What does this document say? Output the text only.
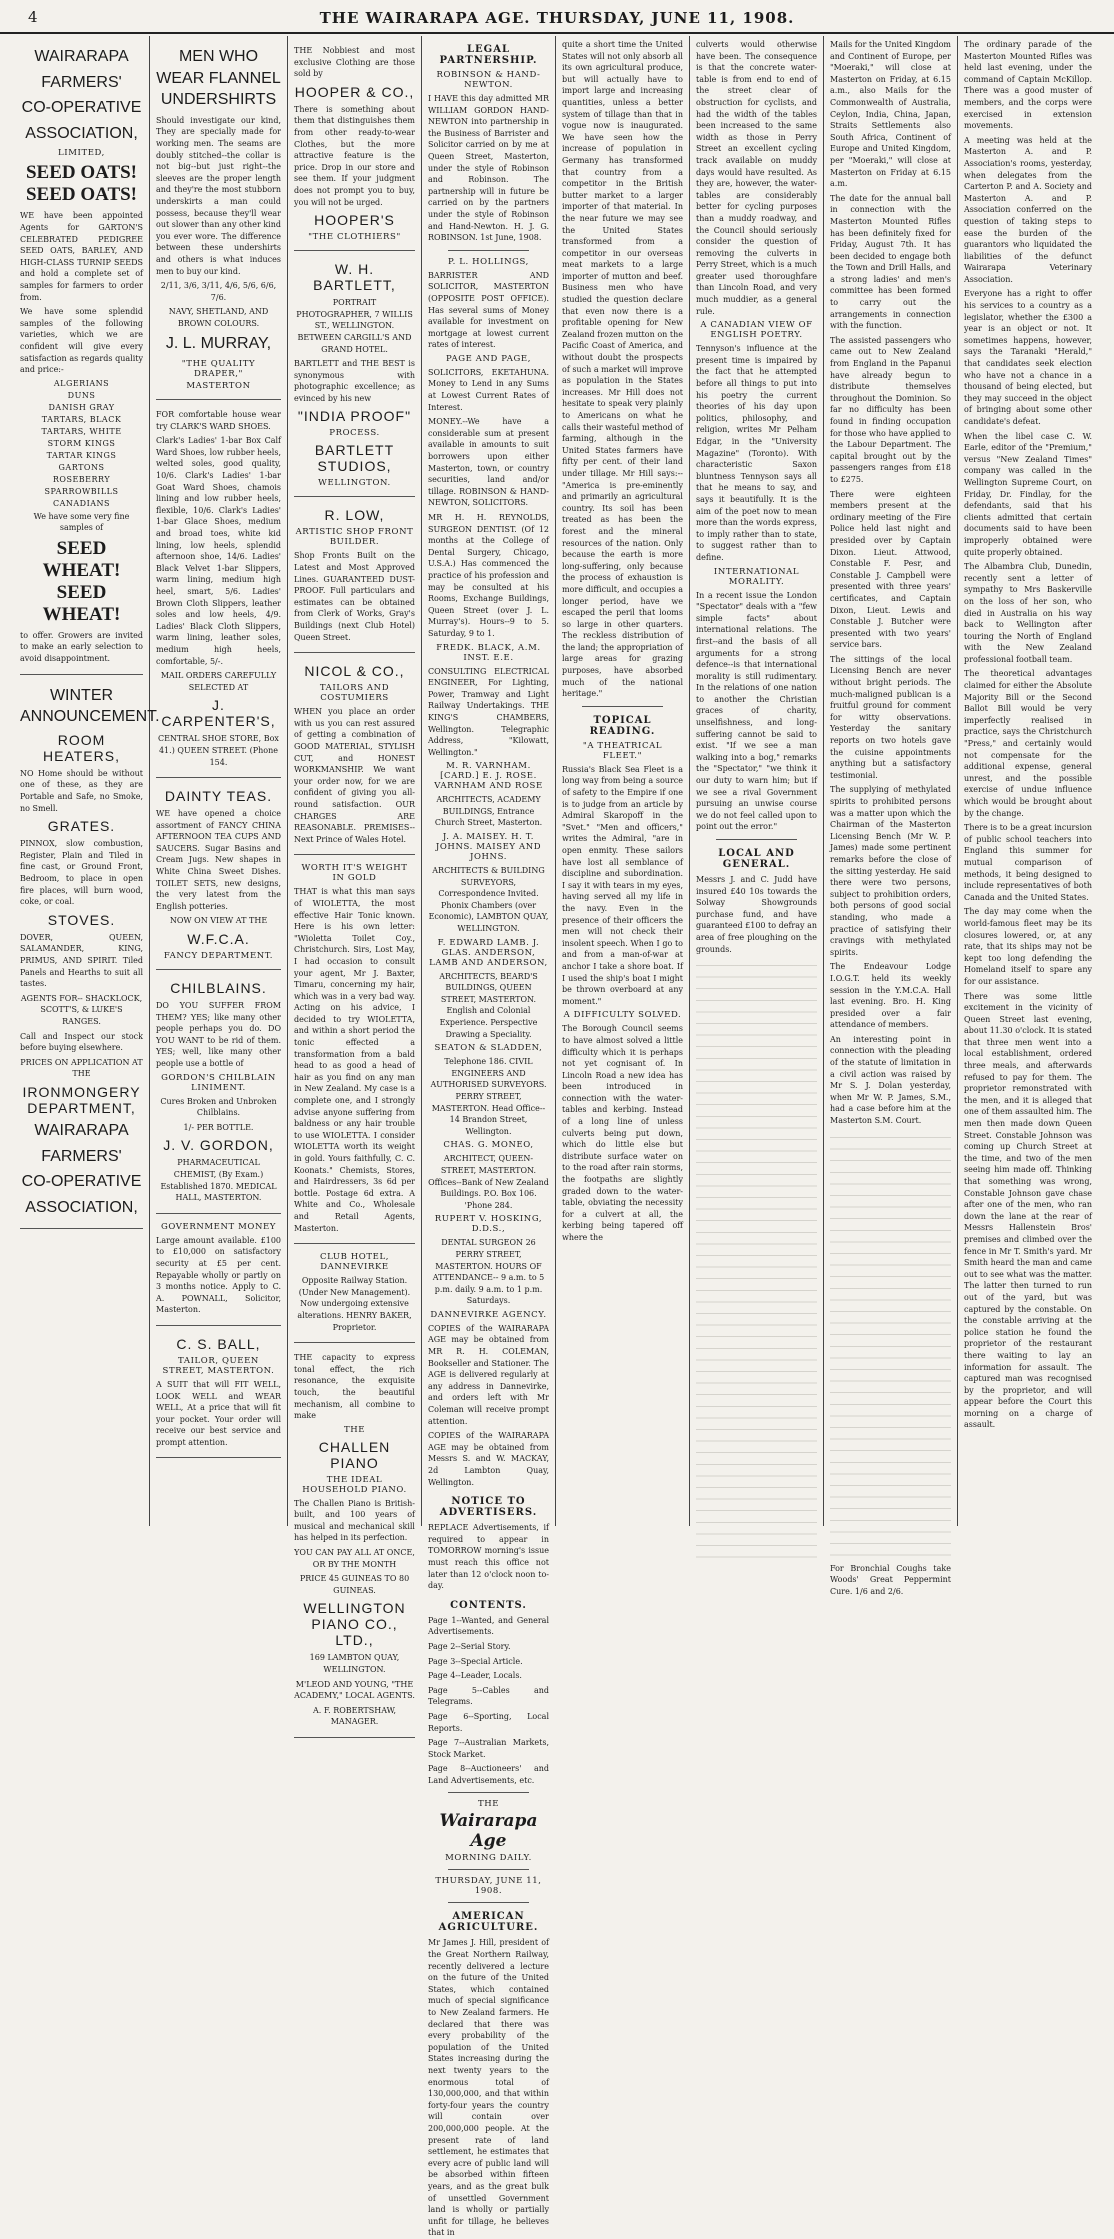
4	THE WAIRARAPA AGE. THURSDAY, JUNE 11, 1908.
WAIRARAPA
FARMERS'
CO-OPERATIVE
ASSOCIATION,
LIMITED,
SEED OATS! SEED OATS!

WE have been appointed Agents for GARTON'S CELEBRATED PEDIGREE SEED OATS, BARLEY, AND HIGH-CLASS TURNIP SEEDS and hold a complete set of samples for farmers to order from.

We have some splendid samples of the following varieties, which we are confident will give every satisfaction as regards quality and price:-

ALGERIANS
DUNS
DANISH GRAY
TARTARS, BLACK
TARTARS, WHITE
STORM KINGS
TARTAR KINGS
GARTONS
ROSEBERRY
SPARROWBILLS
CANADIANS

We have some very fine samples of

SEED WHEAT! SEED WHEAT!

to offer. Growers are invited to make an early selection to avoid disappointment.

WINTER ANNOUNCEMENT.
ROOM HEATERS,

NO Home should be without one of these, as they are Portable and Safe, no Smoke, no Smell.

GRATES.

PINNOX, slow combustion, Register, Plain and Tiled in fine cast, or Ground Front, Bedroom, to place in open fire places, will burn wood, coke, or coal.

STOVES.

DOVER, QUEEN, SALAMANDER, KING, PRIMUS, AND SPIRIT. Tiled Panels and Hearths to suit all tastes.

AGENTS FOR-- SHACKLOCK, SCOTT'S, & LUKE'S RANGES.

Call and Inspect our stock before buying elsewhere.

PRICES ON APPLICATION AT THE

IRONMONGERY DEPARTMENT,
WAIRARAPA
FARMERS'
CO-OPERATIVE
ASSOCIATION,
MEN WHO WEAR FLANNEL UNDERSHIRTS

Should investigate our kind, They are specially made for working men. The seams are doubly stitched--the collar is not big--but just right--the sleeves are the proper length and they're the most stubborn underskirts a man could possess, because they'll wear out slower than any other kind you ever wore. The difference between these undershirts and others is what induces men to buy our kind.

2/11, 3/6, 3/11, 4/6, 5/6, 6/6, 7/6.

NAVY, SHETLAND, AND BROWN COLOURS.

J. L. MURRAY,
"THE QUALITY DRAPER,"
MASTERTON

FOR comfortable house wear try CLARK'S WARD SHOES.

Clark's Ladies' 1-bar Box Calf Ward Shoes, low rubber heels, welted soles, good quality, 10/6. Clark's Ladies' 1-bar Goat Ward Shoes, chamois lining and low rubber heels, flexible, 10/6. Clark's Ladies' 1-bar Glace Shoes, medium and broad toes, white kid lining, low heels, splendid afternoon shoe, 14/6. Ladies' Black Velvet 1-bar Slippers, warm lining, medium high heel, smart, 5/6. Ladies' Brown Cloth Slippers, leather soles and low heels, 4/9. Ladies' Black Cloth Slippers, warm lining, leather soles, medium high heels, comfortable, 5/-.

MAIL ORDERS CAREFULLY SELECTED AT

J. CARPENTER'S,

CENTRAL SHOE STORE, Box 41.) QUEEN STREET. (Phone 154.

DAINTY TEAS.

WE have opened a choice assortment of FANCY CHINA AFTERNOON TEA CUPS AND SAUCERS. Sugar Basins and Cream Jugs. New shapes in White China Sweet Dishes. TOILET SETS, new designs, the very latest from the English potteries.

NOW ON VIEW AT THE

W.F.C.A.
FANCY DEPARTMENT.
CHILBLAINS.

DO YOU SUFFER FROM THEM? YES; like many other people perhaps you do. DO YOU WANT to be rid of them. YES; well, like many other people use a bottle of

GORDON'S CHILBLAIN LINIMENT.

Cures Broken and Unbroken Chilblains.

1/- PER BOTTLE.

J. V. GORDON,

PHARMACEUTICAL CHEMIST, (By Exam.) Established 1870. MEDICAL HALL, MASTERTON.

GOVERNMENT MONEY

Large amount available. £100 to £10,000 on satisfactory security at £5 per cent. Repayable wholly or partly on 3 months notice. Apply to C. A. POWNALL, Solicitor, Masterton.

C. S. BALL,
TAILOR, QUEEN STREET, MASTERTON.

A SUIT that will FIT WELL, LOOK WELL and WEAR WELL, At a price that will fit your pocket. Your order will receive our best service and prompt attention.

THE Nobbiest and most exclusive Clothing are those sold by

HOOPER & CO.,

There is something about them that distinguishes them from other ready-to-wear Clothes, but the more attractive feature is the price. Drop in our store and see them. If your judgment does not prompt you to buy, you will not be urged.

HOOPER'S
"THE CLOTHIERS"
W. H. BARTLETT,

PORTRAIT PHOTOGRAPHER, 7 WILLIS ST., WELLINGTON. BETWEEN CARGILL'S AND GRAND HOTEL.

BARTLETT and THE BEST is synonymous with photographic excellence; as evinced by his new

"INDIA PROOF"
PROCESS.
BARTLETT STUDIOS,
WELLINGTON.
R. LOW,
ARTISTIC SHOP FRONT BUILDER.

Shop Fronts Built on the Latest and Most Approved Lines. GUARANTEED DUST-PROOF. Full particulars and estimates can be obtained from Clerk of Works, Gray's Buildings (next Club Hotel) Queen Street.

NICOL & CO.,
TAILORS AND COSTUMIERS

WHEN you place an order with us you can rest assured of getting a combination of GOOD MATERIAL, STYLISH CUT, and HONEST WORKMANSHIP. We want your order now, for we are confident of giving you all-round satisfaction. OUR CHARGES ARE REASONABLE. PREMISES--Next Prince of Wales Hotel.

WORTH IT'S WEIGHT IN GOLD

THAT is what this man says of WIOLETTA, the most effective Hair Tonic known. Here is his own letter: "Wioletta Toilet Coy., Christchurch. Sirs, Lost May, I had occasion to consult your agent, Mr J. Baxter, Timaru, concerning my hair, which was in a very bad way. Acting on his advice, I decided to try WIOLETTA, and within a short period the tonic effected a transformation from a bald head to as good a head of hair as you find on any man in New Zealand. My case is a complete one, and I strongly advise anyone suffering from baldness or any hair trouble to use WIOLETTA. I consider WIOLETTA worth its weight in gold. Yours faithfully, C. C. Koonats." Chemists, Stores, and Hairdressers, 3s 6d per bottle. Postage 6d extra. A White and Co., Wholesale and Retail Agents, Masterton.

CLUB HOTEL, DANNEVIRKE

Opposite Railway Station. (Under New Management). Now undergoing extensive alterations. HENRY BAKER, Proprietor.

THE capacity to express tonal effect, the rich resonance, the exquisite touch, the beautiful mechanism, all combine to make

THE
CHALLEN PIANO
THE IDEAL HOUSEHOLD PIANO.

The Challen Piano is British-built, and 100 years of musical and mechanical skill has helped in its perfection.

YOU CAN PAY ALL AT ONCE, OR BY THE MONTH

PRICE 45 GUINEAS TO 80 GUINEAS.

WELLINGTON PIANO CO., LTD.,

169 LAMBTON QUAY, WELLINGTON.

M'LEOD AND YOUNG, "THE ACADEMY," LOCAL AGENTS.

A. F. ROBERTSHAW, MANAGER.

LEGAL PARTNERSHIP.
ROBINSON & HAND-NEWTON.

I HAVE this day admitted MR WILLIAM GORDON HAND-NEWTON into partnership in the Business of Barrister and Solicitor carried on by me at Queen Street, Masterton, under the style of Robinson and Robinson. The partnership will in future be carried on by the partners under the style of Robinson and Hand-Newton. H. J. G. ROBINSON. 1st June, 1908.

P. L. HOLLINGS,

BARRISTER AND SOLICITOR, MASTERTON (OPPOSITE POST OFFICE). Has several sums of Money available for investment on mortgage at lowest current rates of interest.

PAGE AND PAGE,

SOLICITORS, EKETAHUNA. Money to Lend in any Sums at Lowest Current Rates of Interest.

MONEY.--We have a considerable sum at present available in amounts to suit borrowers upon either Masterton, town, or country securities, land and/or tillage. ROBINSON & HAND-NEWTON, SOLICITORS.

MR H. H. REYNOLDS, SURGEON DENTIST. (Of 12 months at the College of Dental Surgery, Chicago, U.S.A.) Has commenced the practice of his profession and may be consulted at his Rooms, Exchange Buildings, Queen Street (over J. L. Murray's). Hours--9 to 5. Saturday, 9 to 1.

FREDK. BLACK, A.M. INST. E.E.

CONSULTING ELECTRICAL ENGINEER, For Lighting, Power, Tramway and Light Railway Undertakings. THE KING'S CHAMBERS, Wellington. Telegraphic Address, "Kilowatt, Wellington."

M. R. VARNHAM. [CARD.] E. J. ROSE. VARNHAM AND ROSE

ARCHITECTS, ACADEMY BUILDINGS, Entrance Church Street, Masterton.

J. A. MAISEY. H. T. JOHNS. MAISEY AND JOHNS.

ARCHITECTS & BUILDING SURVEYORS, Correspondence Invited. Phonix Chambers (over Economic), LAMBTON QUAY, WELLINGTON.

F. EDWARD LAMB. J. GLAS. ANDERSON, LAMB AND ANDERSON,

ARCHITECTS, BEARD'S BUILDINGS, QUEEN STREET, MASTERTON. English and Colonial Experience. Perspective Drawing a Speciality.

SEATON & SLADDEN,

Telephone 186. CIVIL ENGINEERS AND AUTHORISED SURVEYORS. PERRY STREET, MASTERTON. Head Office-- 14 Brandon Street, Wellington.

CHAS. G. MONEO,

ARCHITECT, QUEEN-STREET, MASTERTON. Offices--Bank of New Zealand Buildings. P.O. Box 106. 'Phone 284.

RUPERT V. HOSKING, D.D.S.,

DENTAL SURGEON 26 PERRY STREET, MASTERTON. HOURS OF ATTENDANCE-- 9 a.m. to 5 p.m. daily. 9 a.m. to 1 p.m. Saturdays.

DANNEVIRKE AGENCY.

COPIES of the WAIRARAPA AGE may be obtained from MR R. H. COLEMAN, Bookseller and Stationer. The AGE is delivered regularly at any address in Dannevirke, and orders left with Mr Coleman will receive prompt attention.

COPIES of the WAIRARAPA AGE may be obtained from Messrs S. and W. MACKAY, 2d Lambton Quay, Wellington.

NOTICE TO ADVERTISERS.

REPLACE Advertisements, if required to appear in TOMORROW morning's issue must reach this office not later than 12 o'clock noon to-day.

CONTENTS.
Page 1--Wanted, and General Advertisements.
Page 2--Serial Story.
Page 3--Special Article.
Page 4--Leader, Locals.
Page 5--Cables and Telegrams.
Page 6--Sporting, Local Reports.
Page 7--Australian Markets, Stock Market.
Page 8--Auctioneers' and Land Advertisements, etc.
THE
Wairarapa Age
MORNING DAILY.
THURSDAY, JUNE 11, 1908.
AMERICAN AGRICULTURE.

Mr James J. Hill, president of the Great Northern Railway, recently delivered a lecture on the future of the United States, which contained much of special significance to New Zealand farmers. He declared that there was every probability of the population of the United States increasing during the next twenty years to the enormous total of 130,000,000, and that within forty-four years the country will contain over 200,000,000 people. At the present rate of land settlement, he estimates that every acre of public land will be absorbed within fifteen years, and as the great bulk of unsettled Government land is wholly or partially unfit for tillage, he believes that in

quite a short time the United States will not only absorb all its own agricultural produce, but will actually have to import large and increasing quantities, unless a better system of tillage than that in vogue now is inaugurated. We have seen how the increase of population in Germany has transformed that country from a competitor in the British butter market to a larger importer of that material. In the near future we may see the United States transformed from a competitor in our overseas meat markets to a large importer of mutton and beef. Business men who have studied the question declare that even now there is a profitable opening for New Zealand frozen mutton on the Pacific Coast of America, and without doubt the prospects of such a market will improve as population in the States increases. Mr Hill does not hesitate to speak very plainly to Americans on what he calls their wasteful method of farming, although in the United States farmers have fifty per cent. of their land under tillage. Mr Hill says:--"America is pre-eminently and primarily an agricultural country. Its soil has been treated as has been the forest and the mineral resources of the nation. Only because the earth is more long-suffering, only because the process of exhaustion is more difficult, and occupies a longer period, have we escaped the peril that looms so large in other quarters. The reckless distribution of the land; the appropriation of large areas for grazing purposes, have absorbed much of the national heritage."

TOPICAL READING.
"A THEATRICAL FLEET."

Russia's Black Sea Fleet is a long way from being a source of safety to the Empire if one is to judge from an article by Admiral Skaropoff in the "Svet." "Men and officers," writes the Admiral, "are in open enmity. These sailors have lost all semblance of discipline and subordination. I say it with tears in my eyes, having served all my life in the navy. Even in the presence of their officers the men will not check their insolent speech. When I go to and from a man-of-war at anchor I take a shore boat. If I used the ship's boat I might be thrown overboard at any moment."

A DIFFICULTY SOLVED.

The Borough Council seems to have almost solved a little difficulty which it is perhaps not yet cognisant of. In Lincoln Road a new idea has been introduced in connection with the water-tables and kerbing. Instead of a long line of unless culverts being put down, which do little else but distribute surface water on to the road after rain storms, the footpaths are slightly graded down to the water-table, obviating the necessity for a culvert at all, the kerbing being tapered off where the

culverts would otherwise have been. The consequence is that the concrete water-table is from end to end of the street clear of obstruction for cyclists, and had the width of the tables been increased to the same width as those in Perry Street an excellent cycling track available on muddy days would have resulted. As they are, however, the water-tables are considerably better for cycling purposes than a muddy roadway, and the Council should seriously consider the question of removing the culverts in Perry Street, which is a much greater used thoroughfare than Lincoln Road, and very much muddier, as a general rule.

A CANADIAN VIEW OF ENGLISH POETRY.

Tennyson's influence at the present time is impaired by the fact that he attempted before all things to put into his poetry the current theories of his day upon politics, philosophy, and religion, writes Mr Pelham Edgar, in the "University Magazine" (Toronto). With characteristic Saxon bluntness Tennyson says all that he means to say, and says it beautifully. It is the aim of the poet now to mean more than the words express, to imply rather than to state, to suggest rather than to define.

INTERNATIONAL MORALITY.

In a recent issue the London "Spectator" deals with a "few simple facts" about international relations. The first--and the basis of all arguments for a strong defence--is that international morality is still rudimentary. In the relations of one nation to another the Christian graces of charity, unselfishness, and long-suffering cannot be said to exist. "If we see a man walking into a bog," remarks the "Spectator," "we think it our duty to warn him; but if we see a rival Government pursuing an unwise course we do not feel called upon to point out the error."

LOCAL AND GENERAL.

Messrs J. and C. Judd have insured £40 10s towards the Solway Showgrounds purchase fund, and have guaranteed £100 to defray an area of free ploughing on the grounds.

Mails for the United Kingdom and Continent of Europe, per "Moeraki," will close at Masterton on Friday, at 6.15 a.m., also Mails for the Commonwealth of Australia, Ceylon, India, China, Japan, Straits Settlements also South Africa, Continent of Europe and United Kingdom, per "Moeraki," will close at Masterton on Friday at 6.15 a.m.

The date for the annual ball in connection with the Masterton Mounted Rifles has been definitely fixed for Friday, August 7th. It has been decided to engage both the Town and Drill Halls, and a strong ladies' and men's committee has been formed to carry out the arrangements in connection with the function.

The assisted passengers who came out to New Zealand from England in the Papanui have already begun to distribute themselves throughout the Dominion. So far no difficulty has been found in finding occupation for those who have applied to the Labour Department. The capital brought out by the passengers ranges from £18 to £275.

There were eighteen members present at the ordinary meeting of the Fire Police held last night and presided over by Captain Dixon. Lieut. Attwood, Constable F. Pesr, and Constable J. Campbell were presented with three years' certificates, and Captain Dixon, Lieut. Lewis and Constable J. Butcher were presented with two years' service bars.

The sittings of the local Licensing Bench are never without bright periods. The much-maligned publican is a fruitful ground for comment for witty observations. Yesterday the sanitary reports on two hotels gave the cuisine appointments anything but a satisfactory testimonial.

The supplying of methylated spirits to prohibited persons was a matter upon which the Chairman of the Masterton Licensing Bench (Mr W. P. James) made some pertinent remarks before the close of the sitting yesterday. He said there were two persons, subject to prohibition orders, both persons of good social standing, who made a practice of satisfying their cravings with methylated spirits.

The Endeavour Lodge I.O.G.T. held its weekly session in the Y.M.C.A. Hall last evening. Bro. H. King presided over a fair attendance of members.

An interesting point in connection with the pleading of the statute of limitation in a civil action was raised by Mr S. J. Dolan yesterday, when Mr W. P. James, S.M., had a case before him at the Masterton S.M. Court.

For Bronchial Coughs take Woods' Great Peppermint Cure. 1/6 and 2/6.

The ordinary parade of the Masterton Mounted Rifles was held last evening, under the command of Captain McKillop. There was a good muster of members, and the corps were exercised in extension movements.

A meeting was held at the Masterton A. and P. Association's rooms, yesterday, when delegates from the Carterton P. and A. Society and Masterton A. and P. Association conferred on the question of taking steps to ease the burden of the guarantors who liquidated the liabilities of the defunct Wairarapa Veterinary Association.

Everyone has a right to offer his services to a country as a legislator, whether the £300 a year is an object or not. It sometimes happens, however, says the Taranaki "Herald," that candidates seek election who have not a chance in a thousand of being elected, but they may succeed in the object of bringing about some other candidate's defeat.

When the libel case C. W. Earle, editor of the "Premium," versus "New Zealand Times" company was called in the Wellington Supreme Court, on Friday, Dr. Findlay, for the defendants, said that his clients admitted that certain documents said to have been improperly obtained were quite properly obtained.

The Albambra Club, Dunedin, recently sent a letter of sympathy to Mrs Baskerville on the loss of her son, who died in Australia on his way back to Wellington after touring the North of England with the New Zealand professional football team.

The theoretical advantages claimed for either the Absolute Majority Bill or the Second Ballot Bill would be very imperfectly realised in practice, says the Christchurch "Press," and certainly would not compensate for the additional expense, general unrest, and the possible exercise of undue influence which would be brought about by the change.

There is to be a great incursion of public school teachers into England this summer for mutual comparison of methods, it being designed to include representatives of both Canada and the United States.

The day may come when the world-famous fleet may be its closures lowered, or, at any rate, that its ships may not be kept too long defending the Homeland itself to spare any for our assistance.

There was some little excitement in the vicinity of Queen Street last evening, about 11.30 o'clock. It is stated that three men went into a local establishment, ordered three meals, and afterwards refused to pay for them. The proprietor remonstrated with the men, and it is alleged that one of them assaulted him. The men then made down Queen Street. Constable Johnson was coming up Church Street at the time, and two of the men seeing him made off. Thinking that something was wrong, Constable Johnson gave chase after one of the men, who ran down the lane at the rear of Messrs Hallenstein Bros' premises and climbed over the fence in Mr T. Smith's yard. Mr Smith heard the man and came out to see what was the matter. The latter then turned to run out of the yard, but was captured by the constable. On the constable arriving at the police station he found the proprietor of the restaurant there waiting to lay an information for assault. The captured man was recognised by the proprietor, and will appear before the Court this morning on a charge of assault.
